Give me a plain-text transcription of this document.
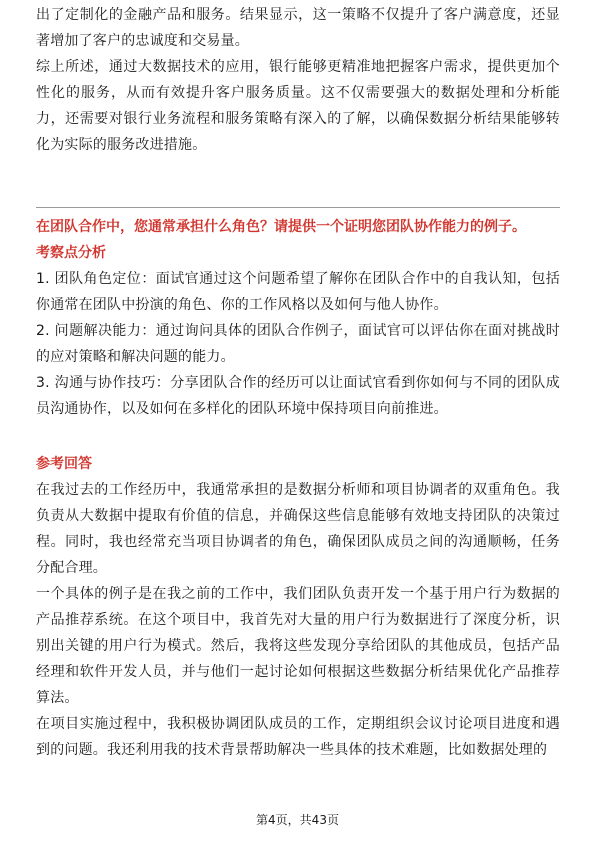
出了定制化的金融产品和服务。结果显示，这一策略不仅提升了客户满意度，还显著增加了客户的忠诚度和交易量。

综上所述，通过大数据技术的应用，银行能够更精准地把握客户需求，提供更加个性化的服务，从而有效提升客户服务质量。这不仅需要强大的数据处理和分析能力，还需要对银行业务流程和服务策略有深入的了解，以确保数据分析结果能够转化为实际的服务改进措施。

在团队合作中，您通常承担什么角色？请提供一个证明您团队协作能力的例子。
考察点分析

1. 团队角色定位：面试官通过这个问题希望了解你在团队合作中的自我认知，包括你通常在团队中扮演的角色、你的工作风格以及如何与他人协作。

2. 问题解决能力：通过询问具体的团队合作例子，面试官可以评估你在面对挑战时的应对策略和解决问题的能力。

3. 沟通与协作技巧：分享团队合作的经历可以让面试官看到你如何与不同的团队成员沟通协作，以及如何在多样化的团队环境中保持项目向前推进。

参考回答

在我过去的工作经历中，我通常承担的是数据分析师和项目协调者的双重角色。我负责从大数据中提取有价值的信息，并确保这些信息能够有效地支持团队的决策过程。同时，我也经常充当项目协调者的角色，确保团队成员之间的沟通顺畅，任务分配合理。

一个具体的例子是在我之前的工作中，我们团队负责开发一个基于用户行为数据的产品推荐系统。在这个项目中，我首先对大量的用户行为数据进行了深度分析，识别出关键的用户行为模式。然后，我将这些发现分享给团队的其他成员，包括产品经理和软件开发人员，并与他们一起讨论如何根据这些数据分析结果优化产品推荐算法。

在项目实施过程中，我积极协调团队成员的工作，定期组织会议讨论项目进度和遇到的问题。我还利用我的技术背景帮助解决一些具体的技术难题，比如数据处理的

第4页，共43页
